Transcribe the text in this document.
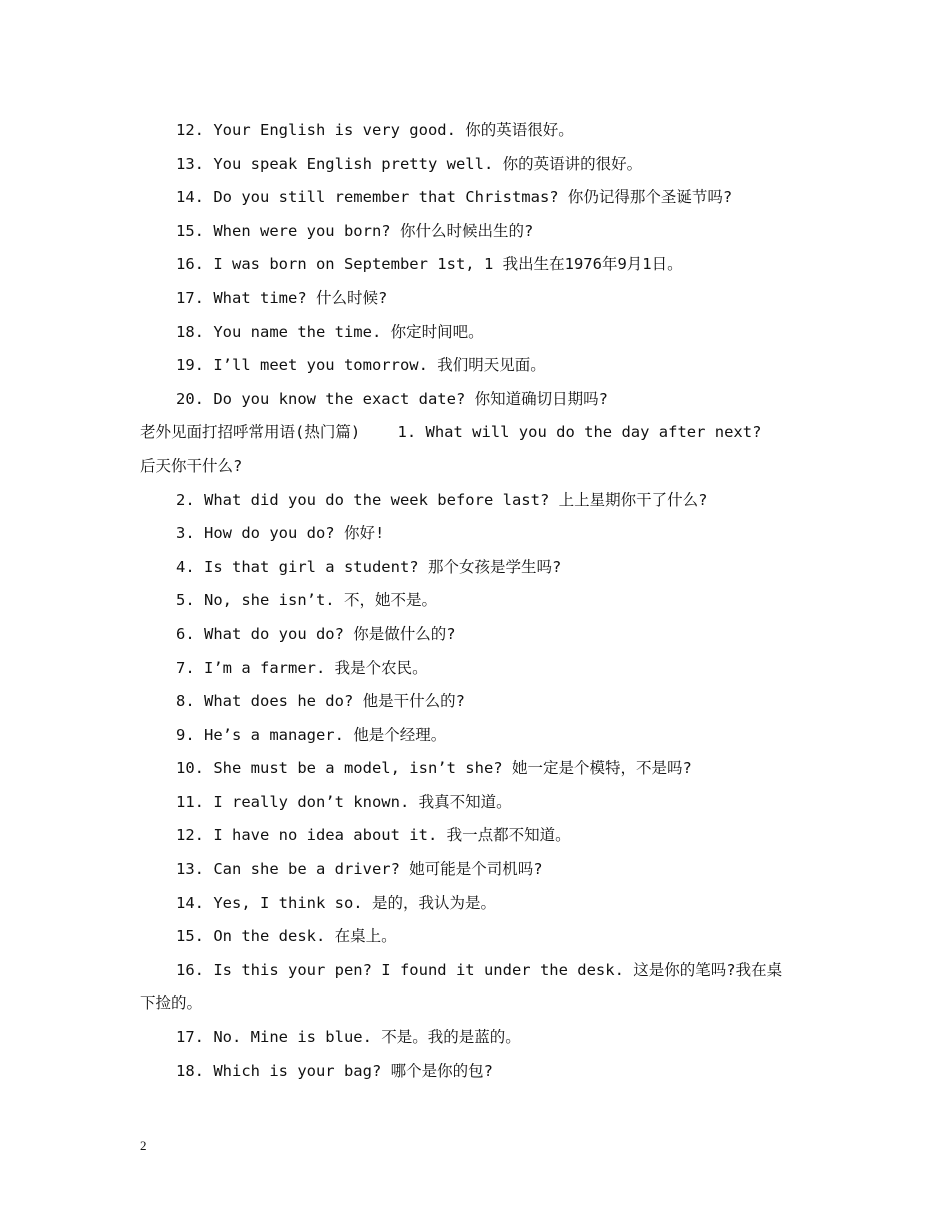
12. Your English is very good. 你的英语很好。
13. You speak English pretty well. 你的英语讲的很好。
14. Do you still remember that Christmas? 你仍记得那个圣诞节吗?
15. When were you born? 你什么时候出生的?
16. I was born on September 1st, 1 我出生在1976年9月1日。
17. What time? 什么时候?
18. You name the time. 你定时间吧。
19. I’ll meet you tomorrow. 我们明天见面。
20. Do you know the exact date? 你知道确切日期吗?
老外见面打招呼常用语(热门篇)    1. What will you do the day after next?
后天你干什么?
2. What did you do the week before last? 上上星期你干了什么?
3. How do you do? 你好!
4. Is that girl a student? 那个女孩是学生吗?
5. No, she isn’t. 不，她不是。
6. What do you do? 你是做什么的?
7. I’m a farmer. 我是个农民。
8. What does he do? 他是干什么的?
9. He’s a manager. 他是个经理。
10. She must be a model, isn’t she? 她一定是个模特，不是吗?
11. I really don’t known. 我真不知道。
12. I have no idea about it. 我一点都不知道。
13. Can she be a driver? 她可能是个司机吗?
14. Yes, I think so. 是的，我认为是。
15. On the desk. 在桌上。
16. Is this your pen? I found it under the desk. 这是你的笔吗?我在桌
下捡的。
17. No. Mine is blue. 不是。我的是蓝的。
18. Which is your bag? 哪个是你的包?
2
